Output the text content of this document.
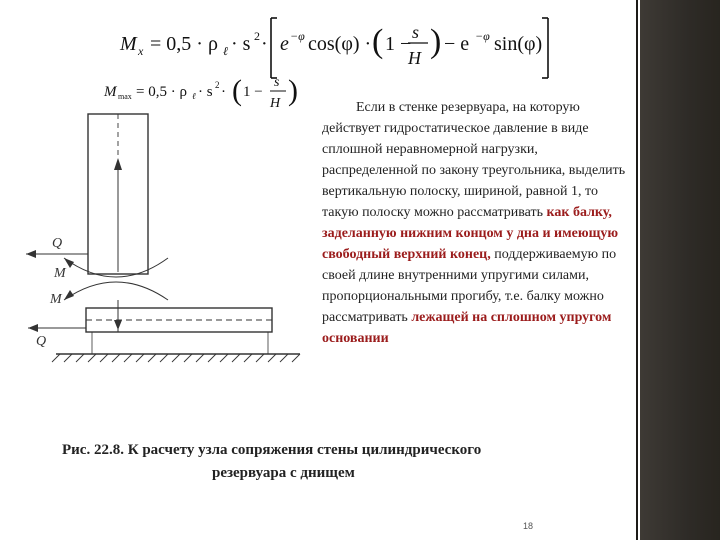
M x = 0,5 · ρ ℓ · s 2 · e −φ cos(φ) · ( 1 −
s
H ) − e −φ sin(φ)
M max = 0,5 · ρ ℓ · s 2 · ( 1 −
s
H )
Q
M
M
Q
Если в стенке резервуара, на которую действует гидростатическое давление в виде сплошной неравномерной нагрузки, распределенной по закону треугольника, выделить вертикальную полоску, шириной, равной 1, то такую полоску можно рассматривать как балку, заделанную нижним концом у дна и имеющую свободный верхний конец, поддерживаемую по своей длине внутренними упругими силами, пропорциональными прогибу, т.е. балку можно рассматривать лежащей на сплошном упругом основании
Рис. 22.8. К расчету узла сопряжения стены цилиндрического
резервуара с днищем
18
